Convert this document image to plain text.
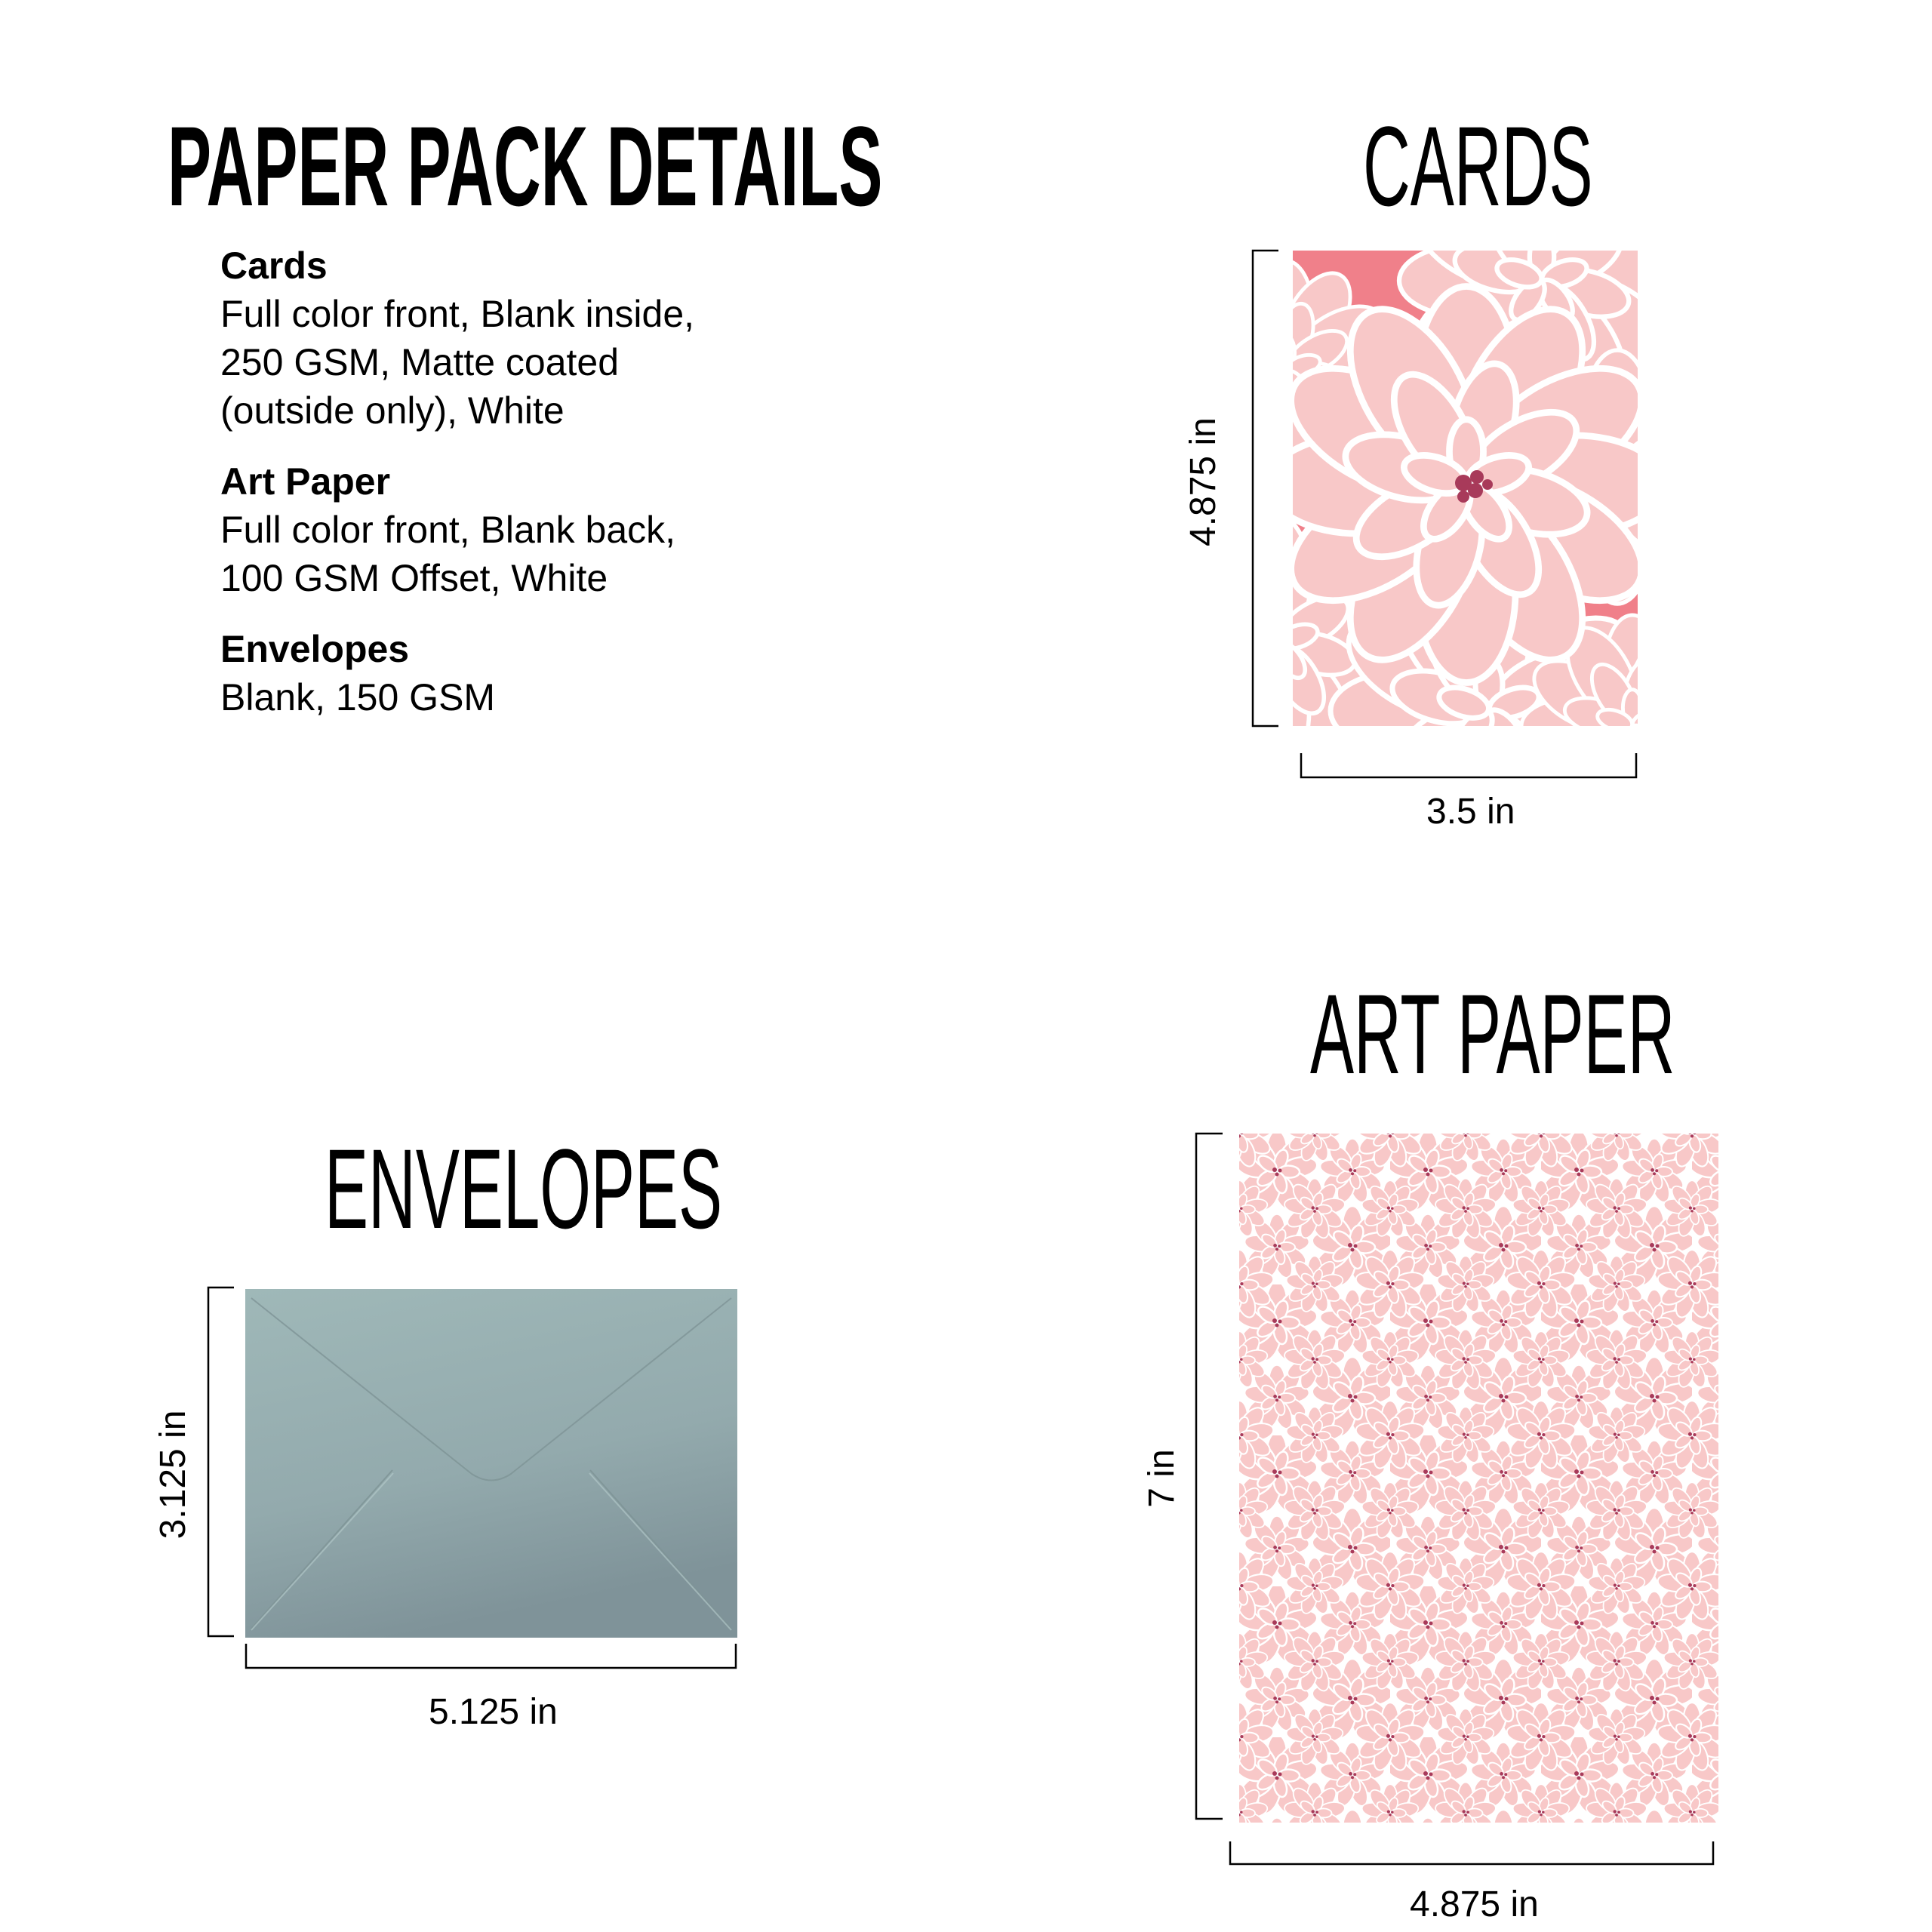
PAPER PACK DETAILS
Cards
Full color front, Blank inside,
250 GSM, Matte coated
(outside only), White
Art Paper
Full color front, Blank back,
100 GSM Offset, White
Envelopes
Blank, 150 GSM
CARDS
4.875 in
3.5 in
ART PAPER
7 in
4.875 in
ENVELOPES
3.125 in
5.125 in
